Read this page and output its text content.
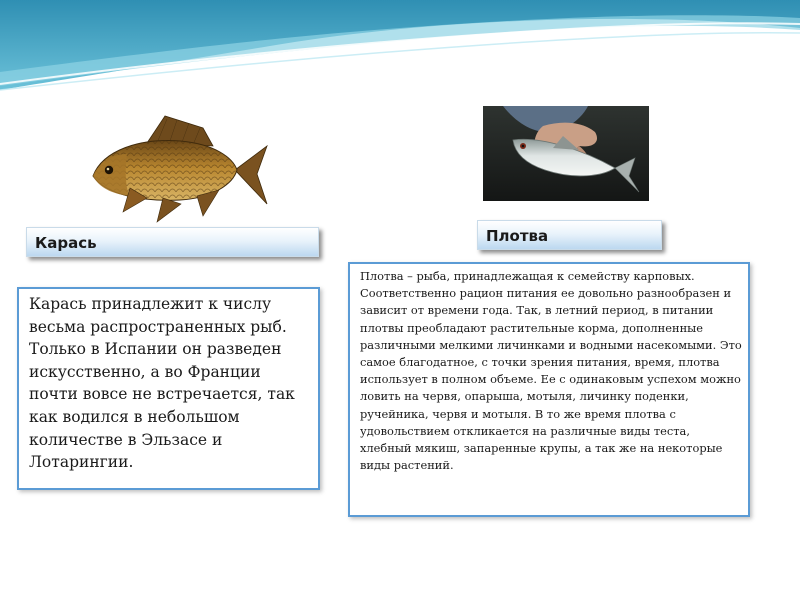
Карась	Плотва
Карась принадлежит к числу весьма распространенных рыб. Только в Испании он разведен искусственно, а во Франции почти вовсе не встречается, так как водился в небольшом количестве в Эльзасе и Лотарингии.
Плотва – рыба, принадлежащая к семейству карповых. Соответственно рацион питания ее довольно разнообразен и зависит от времени года. Так, в летний период, в питании плотвы преобладают растительные корма, дополненные различными мелкими личинками и водными насекомыми. Это самое благодатное, с точки зрения питания, время, плотва использует в полном объеме. Ее с одинаковым успехом можно ловить на червя, опарыша, мотыля, личинку поденки, ручейника, червя и мотыля. В то же время плотва с удовольствием откликается на различные виды теста, хлебный мякиш, запаренные крупы, а так же на некоторые виды растений.
